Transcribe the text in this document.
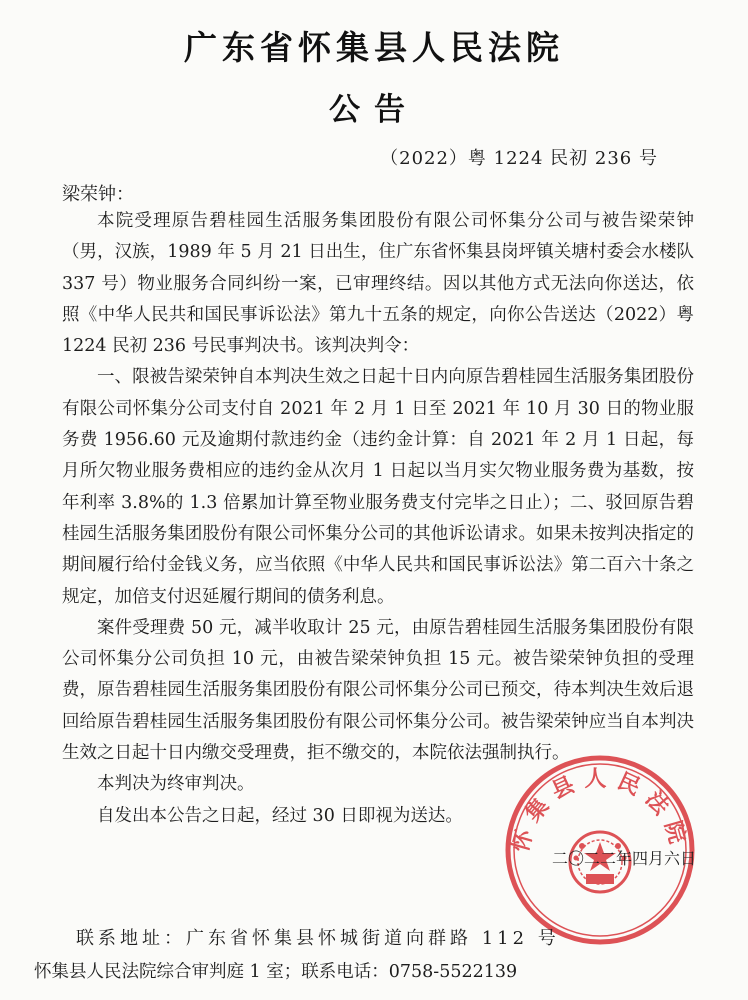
广东省怀集县人民法院
公告
（2022）粤 1224 民初 236 号
梁荣钟：

本院受理原告碧桂园生活服务集团股份有限公司怀集分公司与被告梁荣钟（男，汉族，1989 年 5 月 21 日出生，住广东省怀集县岗坪镇关塘村委会水楼队 337 号）物业服务合同纠纷一案，已审理终结。因以其他方式无法向你送达，依照《中华人民共和国民事诉讼法》第九十五条的规定，向你公告送达（2022）粤 1224 民初 236 号民事判决书。该判决判令：

一、限被告梁荣钟自本判决生效之日起十日内向原告碧桂园生活服务集团股份有限公司怀集分公司支付自 2021 年 2 月 1 日至 2021 年 10 月 30 日的物业服务费 1956.60 元及逾期付款违约金（违约金计算：自 2021 年 2 月 1 日起，每月所欠物业服务费相应的违约金从次月 1 日起以当月实欠物业服务费为基数，按年利率 3.8%的 1.3 倍累加计算至物业服务费支付完毕之日止）；二、驳回原告碧桂园生活服务集团股份有限公司怀集分公司的其他诉讼请求。如果未按判决指定的期间履行给付金钱义务，应当依照《中华人民共和国民事诉讼法》第二百六十条之规定，加倍支付迟延履行期间的债务利息。

案件受理费 50 元，减半收取计 25 元，由原告碧桂园生活服务集团股份有限公司怀集分公司负担 10 元，由被告梁荣钟负担 15 元。被告梁荣钟负担的受理费，原告碧桂园生活服务集团股份有限公司怀集分公司已预交，待本判决生效后退回给原告碧桂园生活服务集团股份有限公司怀集分公司。被告梁荣钟应当自本判决生效之日起十日内缴交受理费，拒不缴交的，本院依法强制执行。

本判决为终审判决。

自发出本公告之日起，经过 30 日即视为送达。

怀集县人民法院
二〇二二年四月六日
联系地址：广东省怀集县怀城街道向群路 112 号
怀集县人民法院综合审判庭 1 室；联系电话：0758-5522139
